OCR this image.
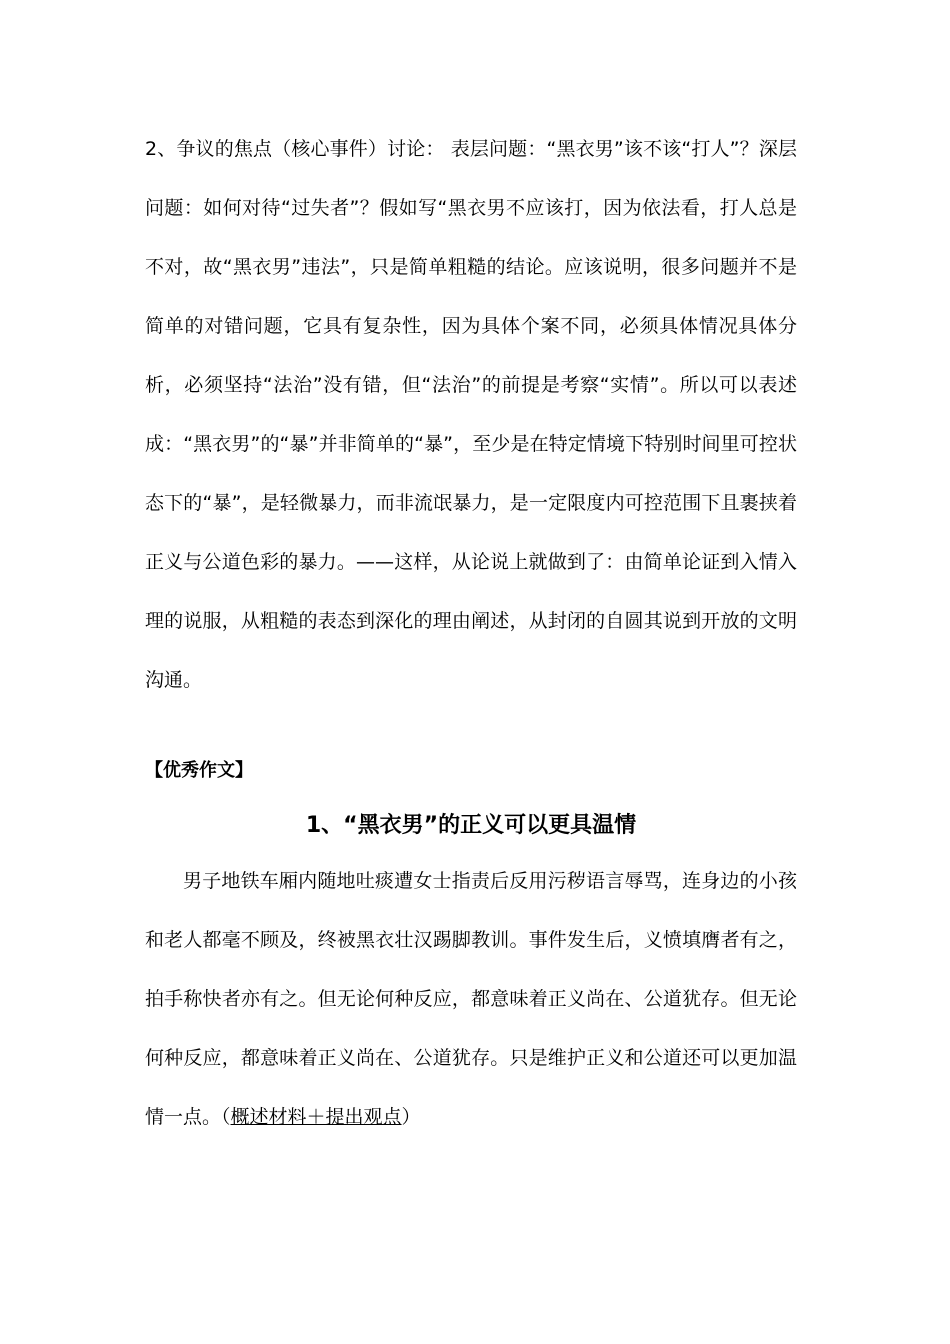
2、争议的焦点（核心事件）讨论： 表层问题：“黑衣男”该不该“打人”？深层问题：如何对待“过失者”？假如写“黑衣男不应该打，因为依法看，打人总是不对，故“黑衣男”违法”，只是简单粗糙的结论。应该说明，很多问题并不是简单的对错问题，它具有复杂性，因为具体个案不同，必须具体情况具体分析，必须坚持“法治”没有错，但“法治”的前提是考察“实情”。所以可以表述成：“黑衣男”的“暴”并非简单的“暴”，至少是在特定情境下特别时间里可控状态下的“暴”，是轻微暴力，而非流氓暴力，是一定限度内可控范围下且裹挟着正义与公道色彩的暴力。——这样，从论说上就做到了：由简单论证到入情入理的说服，从粗糙的表态到深化的理由阐述，从封闭的自圆其说到开放的文明沟通。

【优秀作文】

1、“黑衣男”的正义可以更具温情

男子地铁车厢内随地吐痰遭女士指责后反用污秽语言辱骂，连身边的小孩和老人都毫不顾及，终被黑衣壮汉踢脚教训。事件发生后，义愤填膺者有之，拍手称快者亦有之。但无论何种反应，都意味着正义尚在、公道犹存。但无论何种反应，都意味着正义尚在、公道犹存。只是维护正义和公道还可以更加温情一点。（概述材料＋提出观点）
